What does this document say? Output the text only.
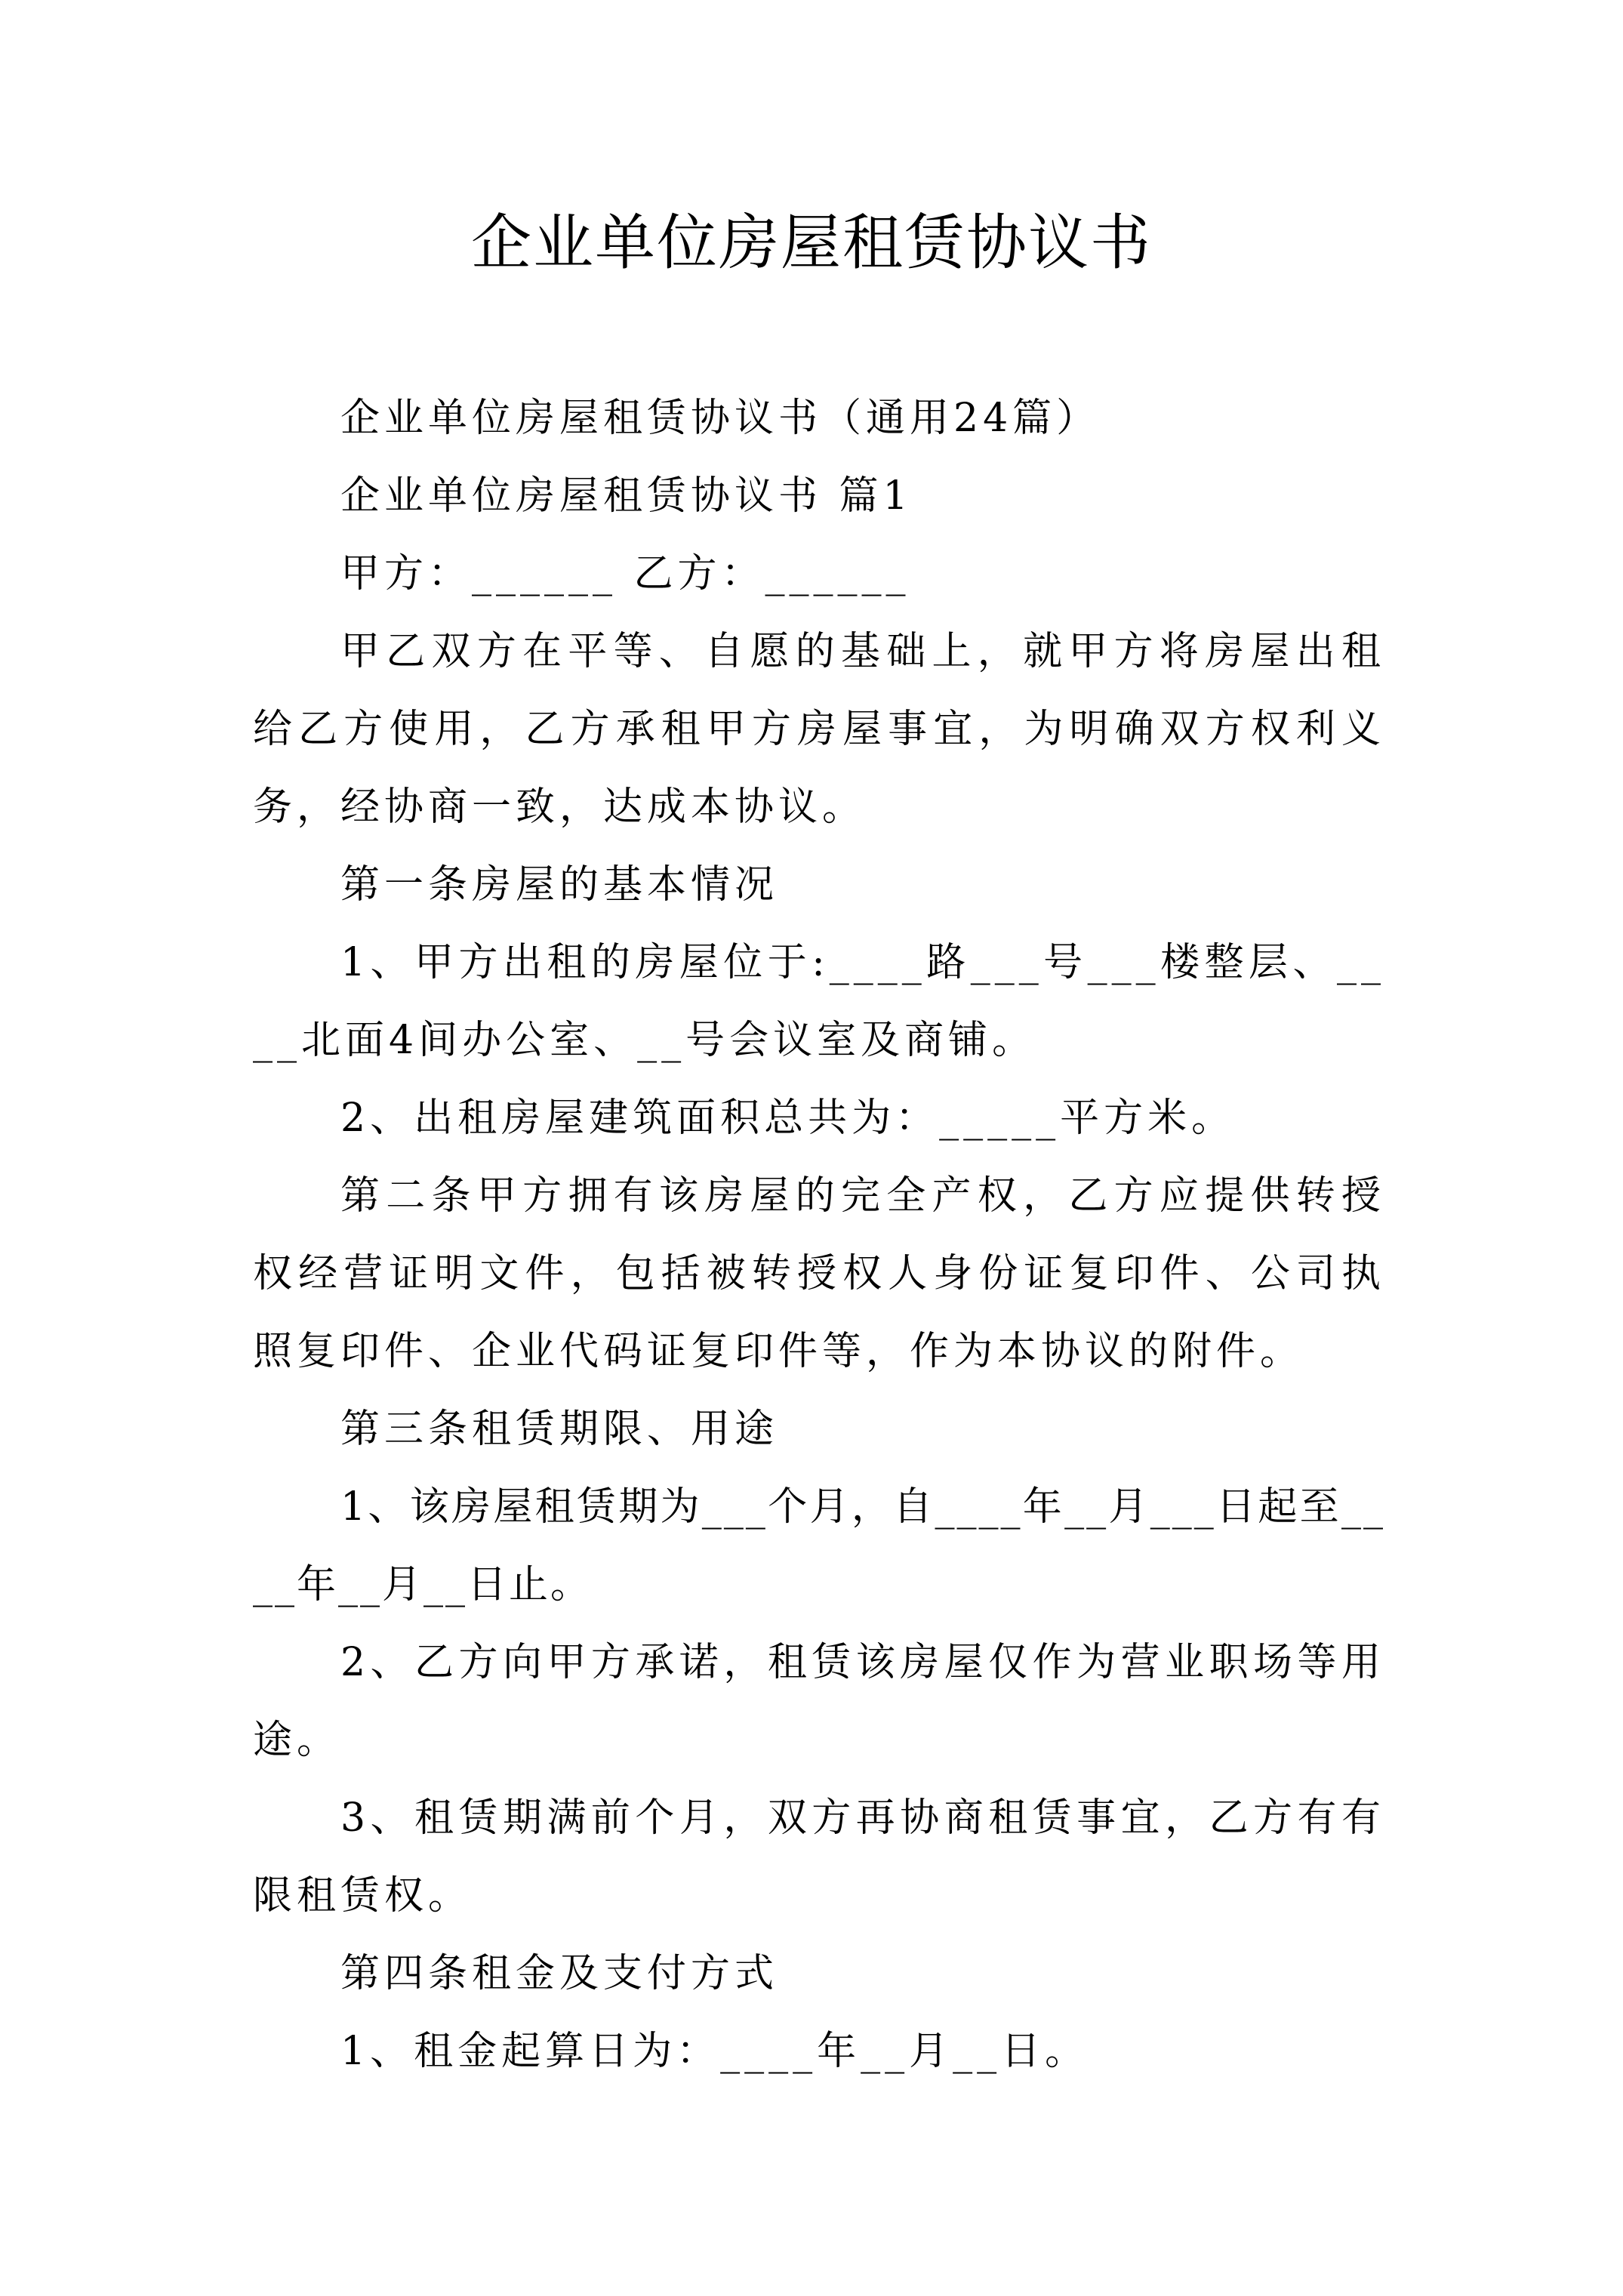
企业单位房屋租赁协议书

企业单位房屋租赁协议书（通用24篇）

企业单位房屋租赁协议书 篇1

甲方：______ 乙方：______

甲乙双方在平等、自愿的基础上，就甲方将房屋出租给乙方使用，乙方承租甲方房屋事宜，为明确双方权利义务，经协商一致，达成本协议。

第一条房屋的基本情况

1、甲方出租的房屋位于:____路___号___楼整层、____北面4间办公室、__号会议室及商铺。

2、出租房屋建筑面积总共为：_____平方米。

第二条甲方拥有该房屋的完全产权，乙方应提供转授权经营证明文件，包括被转授权人身份证复印件、公司执照复印件、企业代码证复印件等，作为本协议的附件。

第三条租赁期限、用途

1、该房屋租赁期为___个月，自____年__月___日起至____年__月__日止。

2、乙方向甲方承诺，租赁该房屋仅作为营业职场等用途。

3、租赁期满前个月，双方再协商租赁事宜，乙方有有限租赁权。

第四条租金及支付方式

1、租金起算日为：____年__月__日。
